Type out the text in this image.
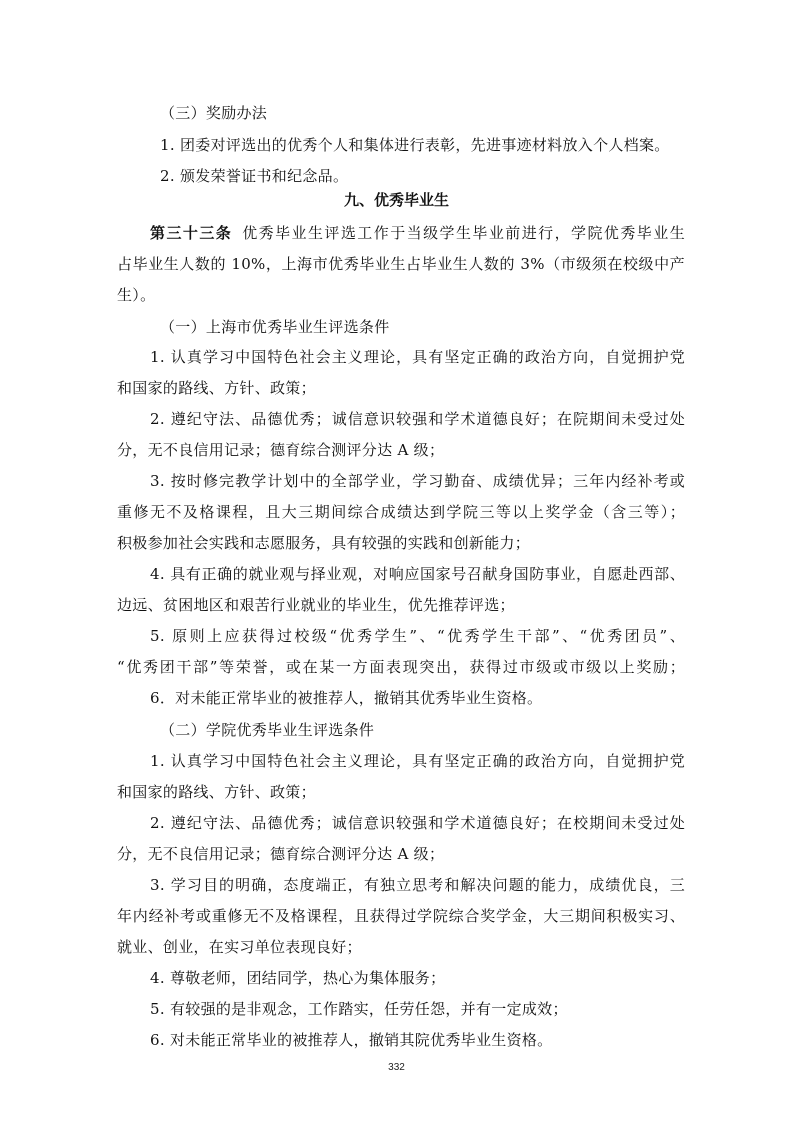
（三）奖励办法
1. 团委对评选出的优秀个人和集体进行表彰，先进事迹材料放入个人档案。
2. 颁发荣誉证书和纪念品。
九、优秀毕业生
第三十三条 优秀毕业生评选工作于当级学生毕业前进行，学院优秀毕业生
占毕业生人数的 10%，上海市优秀毕业生占毕业生人数的 3%（市级须在校级中产
生）。
（一）上海市优秀毕业生评选条件
1. 认真学习中国特色社会主义理论，具有坚定正确的政治方向，自觉拥护党
和国家的路线、方针、政策；
2. 遵纪守法、品德优秀；诚信意识较强和学术道德良好；在院期间未受过处
分，无不良信用记录；德育综合测评分达 A 级；
3. 按时修完教学计划中的全部学业，学习勤奋、成绩优异；三年内经补考或
重修无不及格课程，且大三期间综合成绩达到学院三等以上奖学金（含三等）；
积极参加社会实践和志愿服务，具有较强的实践和创新能力；
4. 具有正确的就业观与择业观，对响应国家号召献身国防事业，自愿赴西部、
边远、贫困地区和艰苦行业就业的毕业生，优先推荐评选；
5. 原则上应获得过校级“优秀学生”、“优秀学生干部”、“优秀团员”、
“优秀团干部”等荣誉，或在某一方面表现突出，获得过市级或市级以上奖励；
6．对未能正常毕业的被推荐人，撤销其优秀毕业生资格。
（二）学院优秀毕业生评选条件
1. 认真学习中国特色社会主义理论，具有坚定正确的政治方向，自觉拥护党
和国家的路线、方针、政策；
2. 遵纪守法、品德优秀；诚信意识较强和学术道德良好；在校期间未受过处
分，无不良信用记录；德育综合测评分达 A 级；
3. 学习目的明确，态度端正，有独立思考和解决问题的能力，成绩优良，三
年内经补考或重修无不及格课程，且获得过学院综合奖学金，大三期间积极实习、
就业、创业，在实习单位表现良好；
4. 尊敬老师，团结同学，热心为集体服务；
5. 有较强的是非观念，工作踏实，任劳任怨，并有一定成效；
332
6. 对未能正常毕业的被推荐人，撤销其院优秀毕业生资格。
